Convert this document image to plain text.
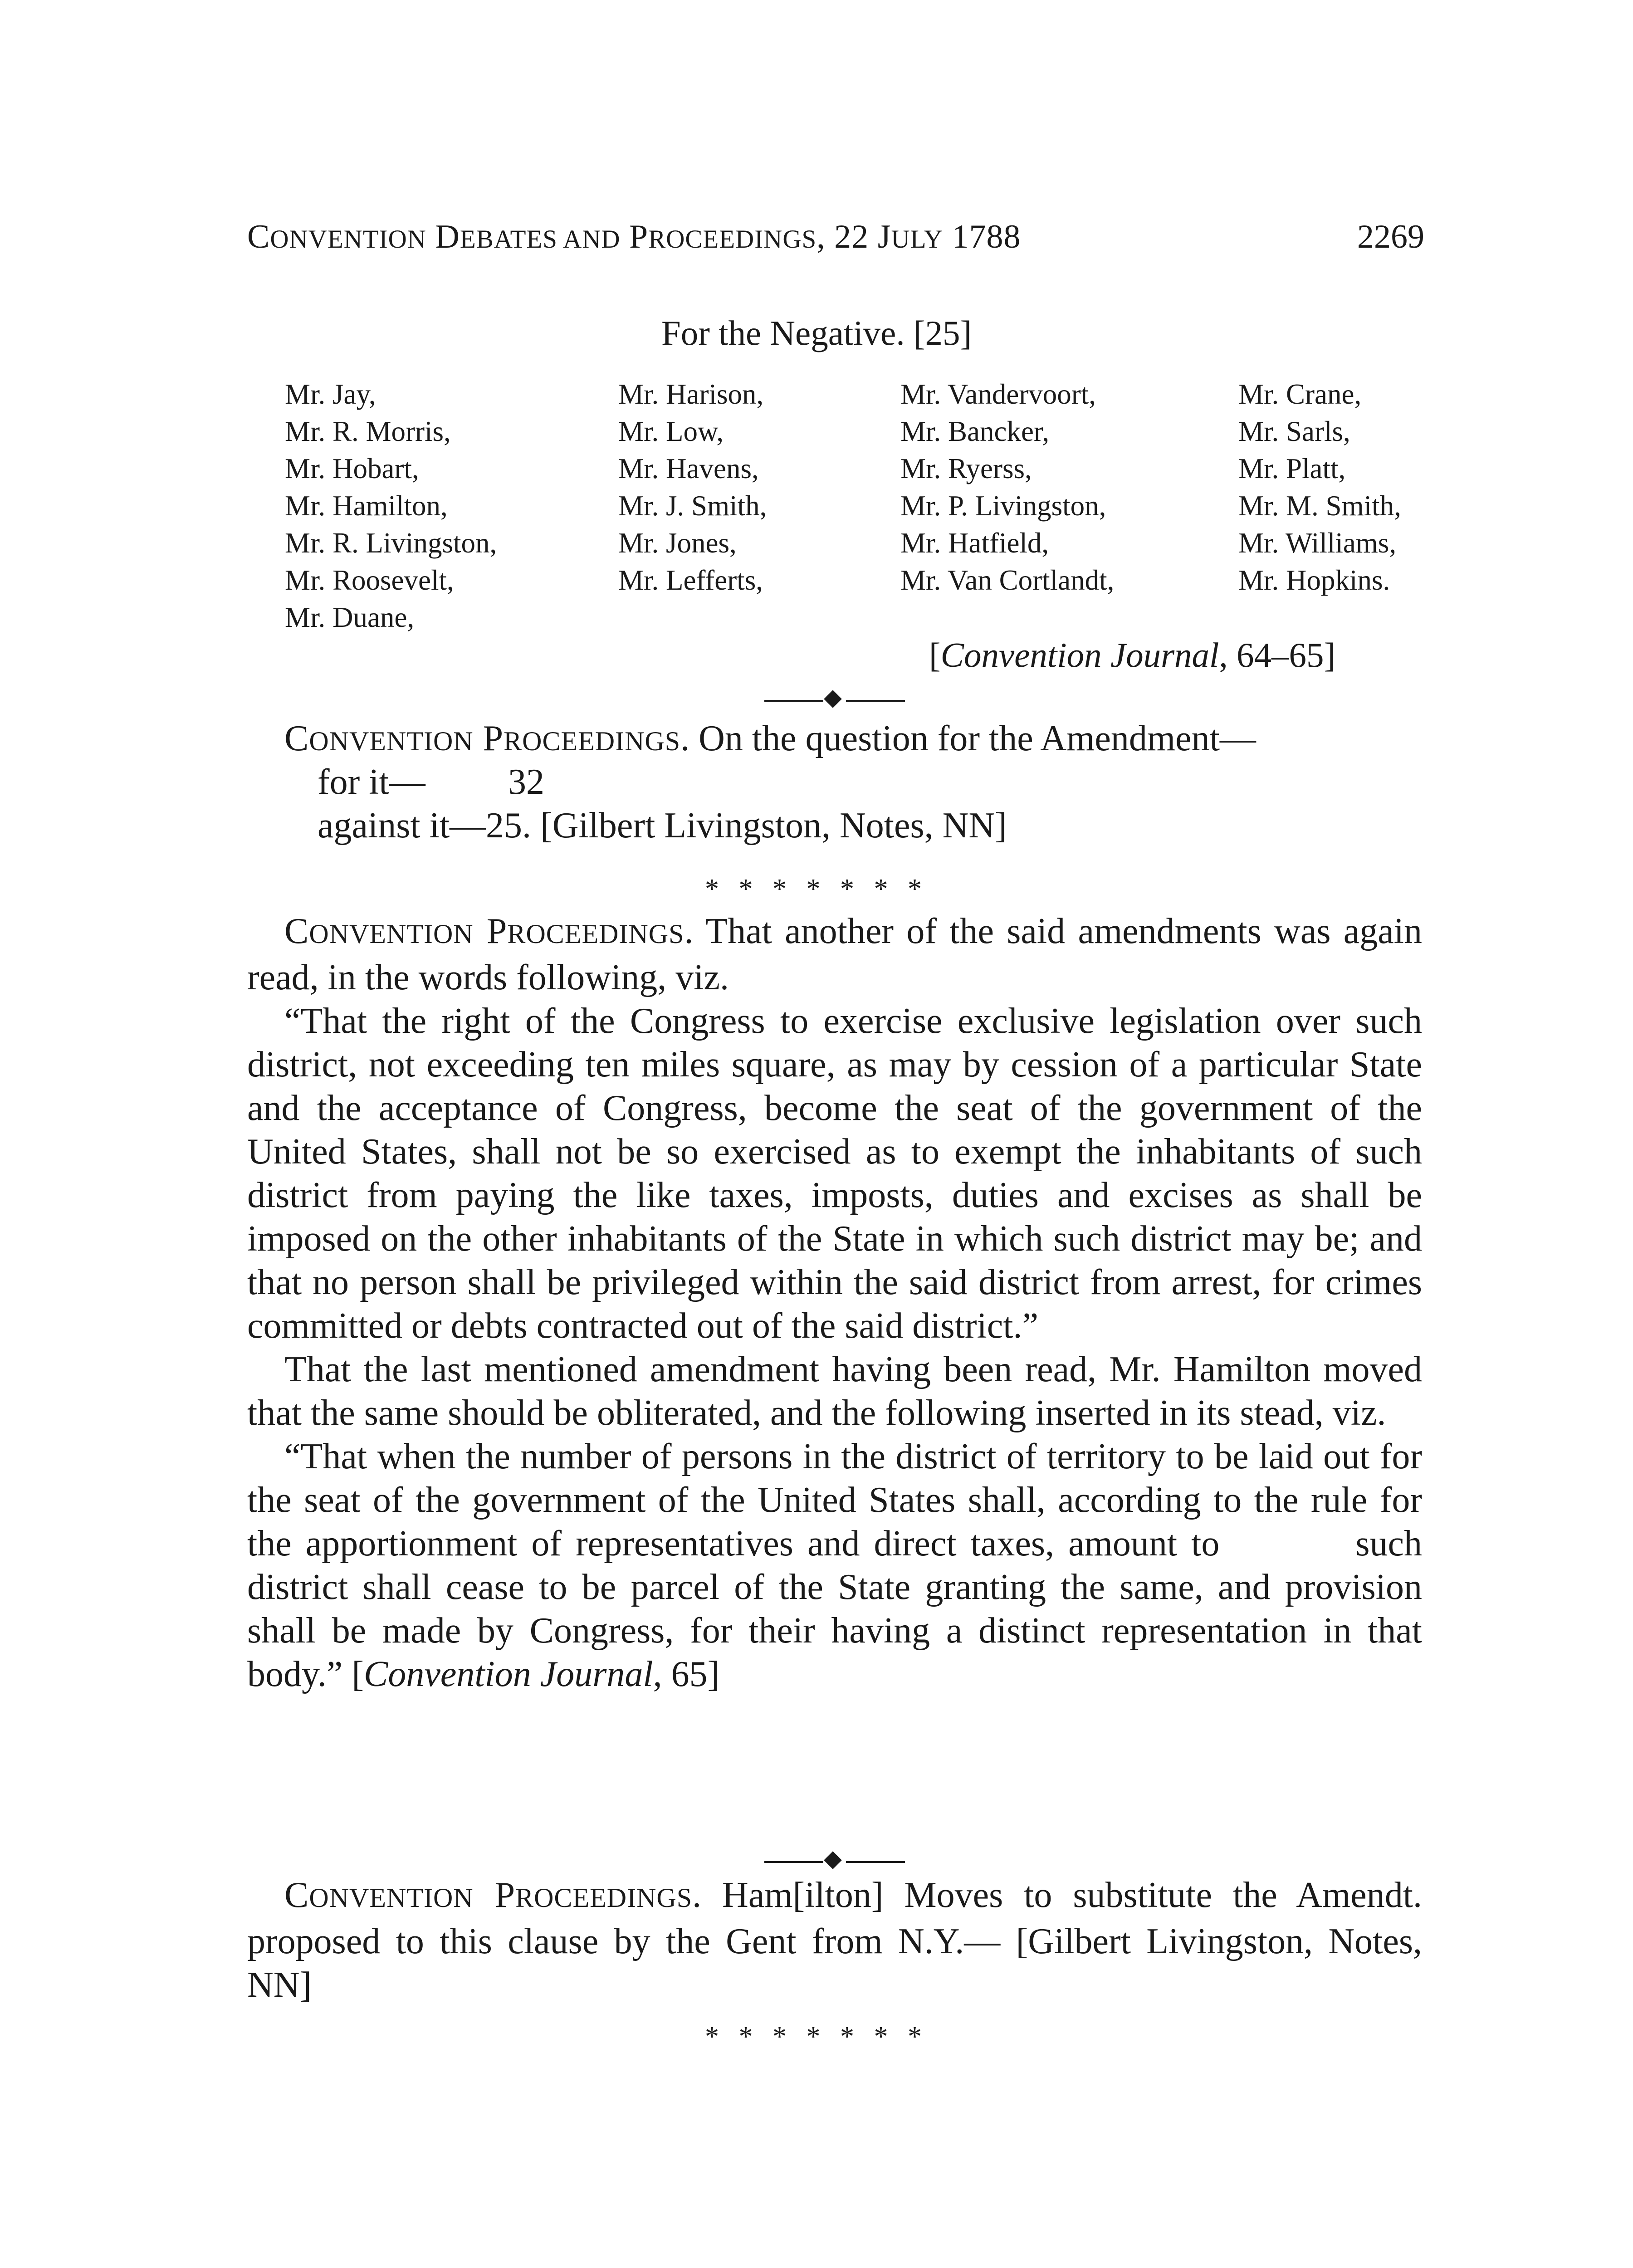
CONVENTION DEBATES AND PROCEEDINGS, 22 JULY 1788	2269
For the Negative. [25]
Mr. Jay,
Mr. R. Morris,
Mr. Hobart,
Mr. Hamilton,
Mr. R. Livingston,
Mr. Roosevelt,
Mr. Duane,
Mr. Harison,
Mr. Low,
Mr. Havens,
Mr. J. Smith,
Mr. Jones,
Mr. Lefferts,
Mr. Vandervoort,
Mr. Bancker,
Mr. Ryerss,
Mr. P. Livingston,
Mr. Hatfield,
Mr. Van Cortlandt,
Mr. Crane,
Mr. Sarls,
Mr. Platt,
Mr. M. Smith,
Mr. Williams,
Mr. Hopkins.
[Convention Journal, 64–65]

CONVENTION PROCEEDINGS. On the question for the Amendment—

for it— 32
against it—25. [Gilbert Livingston, Notes, NN]
* * * * * * *

CONVENTION PROCEEDINGS. That another of the said amendments was again read, in the words following, viz.

“That the right of the Congress to exercise exclusive legislation over such district, not exceeding ten miles square, as may by cession of a particular State and the acceptance of Congress, become the seat of the government of the United States, shall not be so exercised as to exempt the inhabitants of such district from paying the like taxes, imposts, duties and excises as shall be imposed on the other inhabitants of the State in which such district may be; and that no person shall be privileged within the said district from arrest, for crimes committed or debts contracted out of the said district.”

That the last mentioned amendment having been read, Mr. Hamilton moved that the same should be obliterated, and the following inserted in its stead, viz.

“That when the number of persons in the district of territory to be laid out for the seat of the government of the United States shall, according to the rule for the apportionment of representatives and direct taxes, amount to	such district shall cease to be parcel of the State granting the same, and provision shall be made by Congress, for their having a distinct representation in that body.” [Convention Journal, 65]

CONVENTION PROCEEDINGS. Ham[ilton] Moves to substitute the Amendt. proposed to this clause by the Gent from N.Y.— [Gilbert Livingston, Notes, NN]

* * * * * * *
